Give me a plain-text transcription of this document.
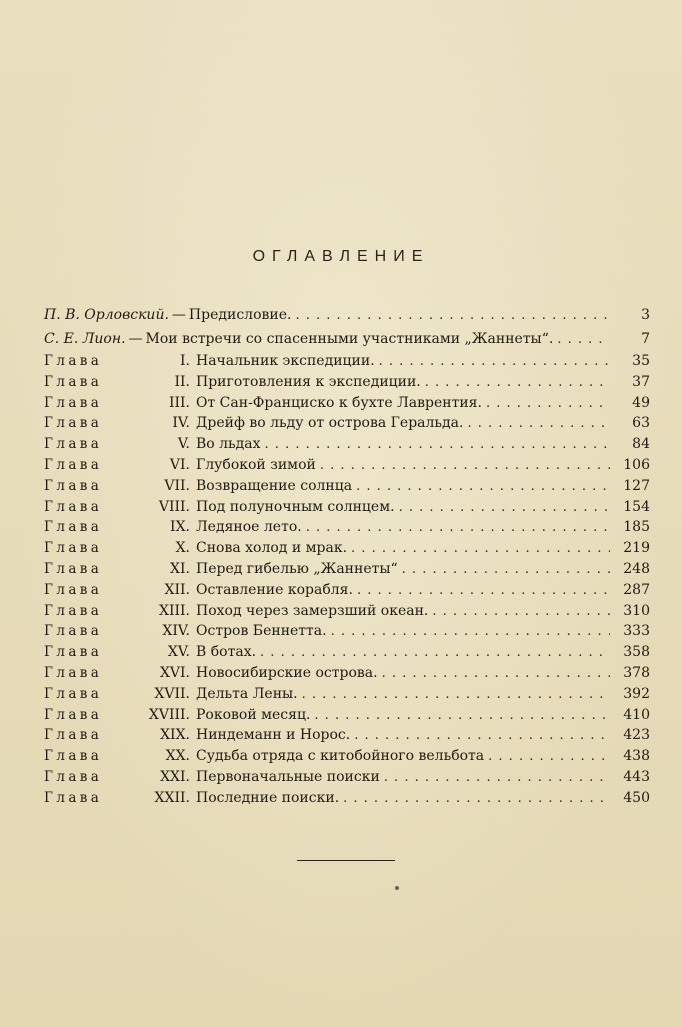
ОГЛАВЛЕНИЕ
П. В. Орловский. — Предисловие. . . .	3
С. Е. Лион. — Мои встречи со спасенными участниками „Жаннеты“. . . .	7
Глава	I. Начальник экспедиции. . . .	35
Глава	II. Приготовления к экспедиции. . . .	37
Глава	III. От Сан-Франциско к бухте Лаврентия. . . .	49
Глава	IV. Дрейф во льду от острова Геральда. . . .	63
Глава	V. Во льдах . . .	84
Глава	VI. Глубокой зимой . . .	106
Глава	VII. Возвращение солнца . . .	127
Глава	VIII. Под полуночным солнцем. . . .	154
Глава	IX. Ледяное лето. . . .	185
Глава	X. Снова холод и мрак. . . .	219
Глава	XI. Перед гибелью „Жаннеты“ . . .	248
Глава	XII. Оставление корабля. . . .	287
Глава	XIII. Поход через замерзший океан. . . .	310
Глава	XIV. Остров Беннетта. . . .	333
Глава	XV. В ботах. . . .	358
Глава	XVI. Новосибирские острова. . . .	378
Глава	XVII. Дельта Лены. . . .	392
Глава	XVIII. Роковой месяц. . . .	410
Глава	XIX. Ниндеманн и Норос. . . .	423
Глава	XX. Судьба отряда с китобойного вельбота . . .	438
Глава	XXI. Первоначальные поиски . . .	443
Глава	XXII. Последние поиски. . . .	450
